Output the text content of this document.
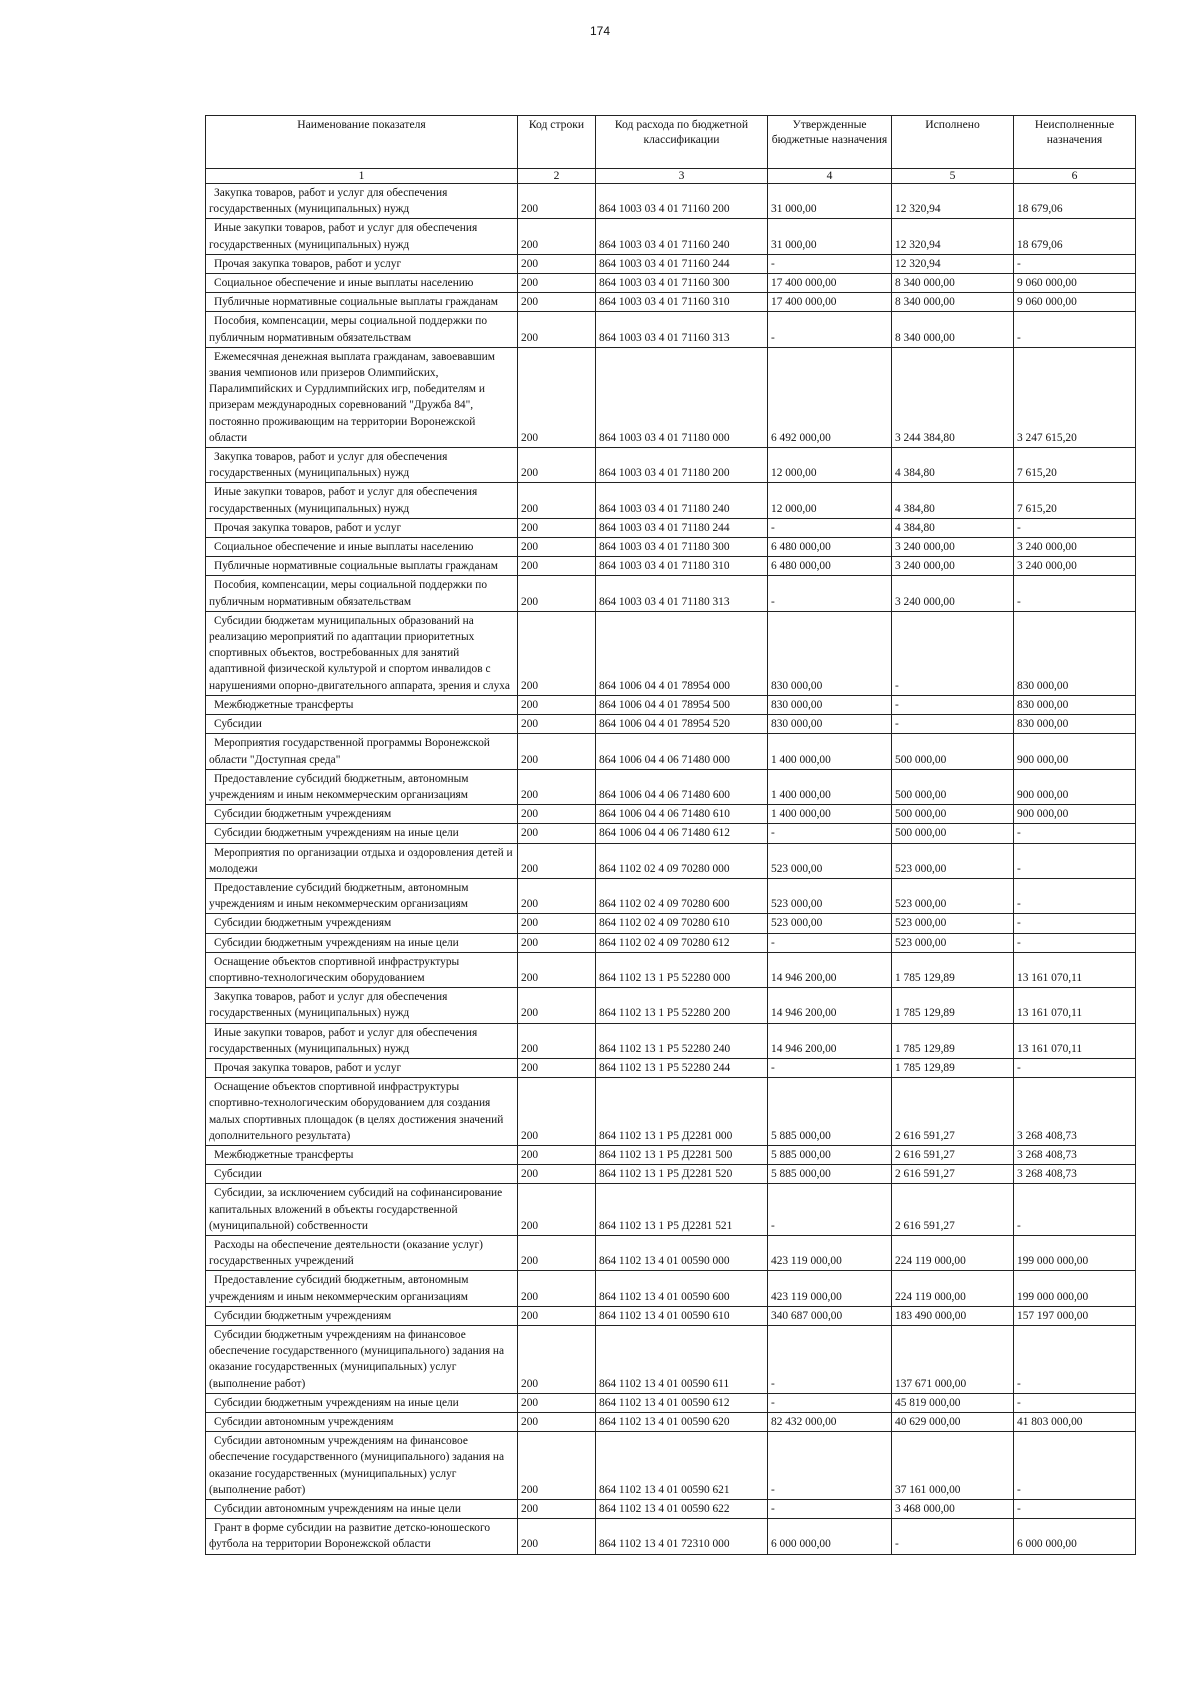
174
Наименование показателя	Код строки	Код расхода по бюджетной классификации	Утвержденные бюджетные назначения	Исполнено	Неисполненные назначения
1	2	3	4	5	6
Закупка товаров, работ и услуг для обеспечения государственных (муниципальных) нужд	200	864 1003 03 4 01 71160 200	31 000,00	12 320,94	18 679,06
Иные закупки товаров, работ и услуг для обеспечения государственных (муниципальных) нужд	200	864 1003 03 4 01 71160 240	31 000,00	12 320,94	18 679,06
Прочая закупка товаров, работ и услуг	200	864 1003 03 4 01 71160 244	-	12 320,94	-
Социальное обеспечение и иные выплаты населению	200	864 1003 03 4 01 71160 300	17 400 000,00	8 340 000,00	9 060 000,00
Публичные нормативные социальные выплаты гражданам	200	864 1003 03 4 01 71160 310	17 400 000,00	8 340 000,00	9 060 000,00
Пособия, компенсации, меры социальной поддержки по публичным нормативным обязательствам	200	864 1003 03 4 01 71160 313	-	8 340 000,00	-
Ежемесячная денежная выплата гражданам, завоевавшим звания чемпионов или призеров Олимпийских, Паралимпийских и Сурдлимпийских игр, победителям и призерам международных соревнований "Дружба 84", постоянно проживающим на территории Воронежской области	200	864 1003 03 4 01 71180 000	6 492 000,00	3 244 384,80	3 247 615,20
Закупка товаров, работ и услуг для обеспечения государственных (муниципальных) нужд	200	864 1003 03 4 01 71180 200	12 000,00	4 384,80	7 615,20
Иные закупки товаров, работ и услуг для обеспечения государственных (муниципальных) нужд	200	864 1003 03 4 01 71180 240	12 000,00	4 384,80	7 615,20
Прочая закупка товаров, работ и услуг	200	864 1003 03 4 01 71180 244	-	4 384,80	-
Социальное обеспечение и иные выплаты населению	200	864 1003 03 4 01 71180 300	6 480 000,00	3 240 000,00	3 240 000,00
Публичные нормативные социальные выплаты гражданам	200	864 1003 03 4 01 71180 310	6 480 000,00	3 240 000,00	3 240 000,00
Пособия, компенсации, меры социальной поддержки по публичным нормативным обязательствам	200	864 1003 03 4 01 71180 313	-	3 240 000,00	-
Субсидии бюджетам муниципальных образований на реализацию мероприятий по адаптации приоритетных спортивных объектов, востребованных для занятий адаптивной физической культурой и спортом инвалидов с нарушениями опорно-двигательного аппарата, зрения и слуха	200	864 1006 04 4 01 78954 000	830 000,00	-	830 000,00
Межбюджетные трансферты	200	864 1006 04 4 01 78954 500	830 000,00	-	830 000,00
Субсидии	200	864 1006 04 4 01 78954 520	830 000,00	-	830 000,00
Мероприятия государственной программы Воронежской области "Доступная среда"	200	864 1006 04 4 06 71480 000	1 400 000,00	500 000,00	900 000,00
Предоставление субсидий бюджетным, автономным учреждениям и иным некоммерческим организациям	200	864 1006 04 4 06 71480 600	1 400 000,00	500 000,00	900 000,00
Субсидии бюджетным учреждениям	200	864 1006 04 4 06 71480 610	1 400 000,00	500 000,00	900 000,00
Субсидии бюджетным учреждениям на иные цели	200	864 1006 04 4 06 71480 612	-	500 000,00	-
Мероприятия по организации отдыха и оздоровления детей и молодежи	200	864 1102 02 4 09 70280 000	523 000,00	523 000,00	-
Предоставление субсидий бюджетным, автономным учреждениям и иным некоммерческим организациям	200	864 1102 02 4 09 70280 600	523 000,00	523 000,00	-
Субсидии бюджетным учреждениям	200	864 1102 02 4 09 70280 610	523 000,00	523 000,00	-
Субсидии бюджетным учреждениям на иные цели	200	864 1102 02 4 09 70280 612	-	523 000,00	-
Оснащение объектов спортивной инфраструктуры спортивно-технологическим оборудованием	200	864 1102 13 1 P5 52280 000	14 946 200,00	1 785 129,89	13 161 070,11
Закупка товаров, работ и услуг для обеспечения государственных (муниципальных) нужд	200	864 1102 13 1 P5 52280 200	14 946 200,00	1 785 129,89	13 161 070,11
Иные закупки товаров, работ и услуг для обеспечения государственных (муниципальных) нужд	200	864 1102 13 1 P5 52280 240	14 946 200,00	1 785 129,89	13 161 070,11
Прочая закупка товаров, работ и услуг	200	864 1102 13 1 P5 52280 244	-	1 785 129,89	-
Оснащение объектов спортивной инфраструктуры спортивно-технологическим оборудованием для создания малых спортивных площадок (в целях достижения значений дополнительного результата)	200	864 1102 13 1 P5 Д2281 000	5 885 000,00	2 616 591,27	3 268 408,73
Межбюджетные трансферты	200	864 1102 13 1 P5 Д2281 500	5 885 000,00	2 616 591,27	3 268 408,73
Субсидии	200	864 1102 13 1 P5 Д2281 520	5 885 000,00	2 616 591,27	3 268 408,73
Субсидии, за исключением субсидий на софинансирование капитальных вложений в объекты государственной (муниципальной) собственности	200	864 1102 13 1 P5 Д2281 521	-	2 616 591,27	-
Расходы на обеспечение деятельности (оказание услуг) государственных учреждений	200	864 1102 13 4 01 00590 000	423 119 000,00	224 119 000,00	199 000 000,00
Предоставление субсидий бюджетным, автономным учреждениям и иным некоммерческим организациям	200	864 1102 13 4 01 00590 600	423 119 000,00	224 119 000,00	199 000 000,00
Субсидии бюджетным учреждениям	200	864 1102 13 4 01 00590 610	340 687 000,00	183 490 000,00	157 197 000,00
Субсидии бюджетным учреждениям на финансовое обеспечение государственного (муниципального) задания на оказание государственных (муниципальных) услуг (выполнение работ)	200	864 1102 13 4 01 00590 611	-	137 671 000,00	-
Субсидии бюджетным учреждениям на иные цели	200	864 1102 13 4 01 00590 612	-	45 819 000,00	-
Субсидии автономным учреждениям	200	864 1102 13 4 01 00590 620	82 432 000,00	40 629 000,00	41 803 000,00
Субсидии автономным учреждениям на финансовое обеспечение государственного (муниципального) задания на оказание государственных (муниципальных) услуг (выполнение работ)	200	864 1102 13 4 01 00590 621	-	37 161 000,00	-
Субсидии автономным учреждениям на иные цели	200	864 1102 13 4 01 00590 622	-	3 468 000,00	-
Грант в форме субсидии на развитие детско-юношеского футбола на территории Воронежской области	200	864 1102 13 4 01 72310 000	6 000 000,00	-	6 000 000,00
